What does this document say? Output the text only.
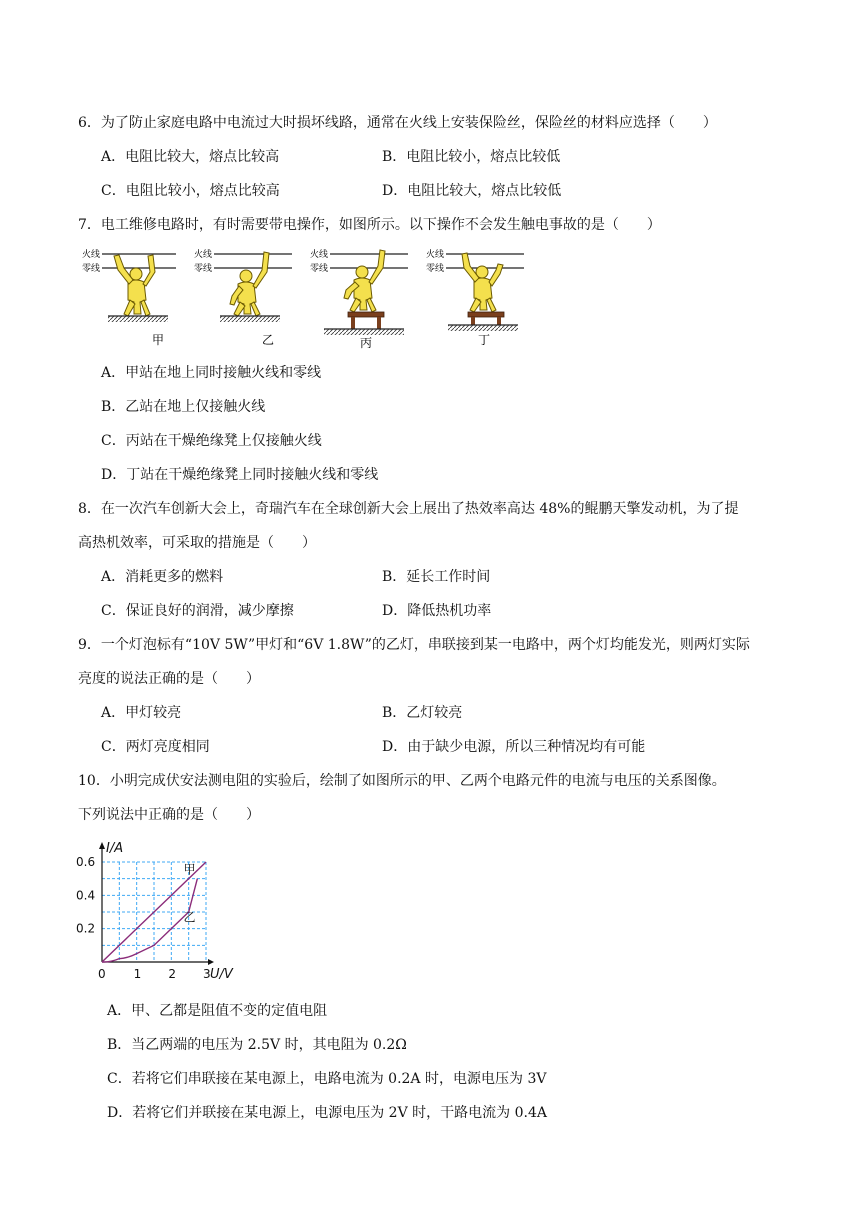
6．为了防止家庭电路中电流过大时损坏线路，通常在火线上安装保险丝，保险丝的材料应选择（　　）
A．电阻比较大，熔点比较高	B．电阻比较小，熔点比较低
C．电阻比较小，熔点比较高	D．电阻比较大，熔点比较低
7．电工维修电路时，有时需要带电操作，如图所示。以下操作不会发生触电事故的是（　　）
火线
零线
火线
零线
火线
零线
火线
零线
甲	乙	丙	丁
A．甲站在地上同时接触火线和零线
B．乙站在地上仅接触火线
C．丙站在干燥绝缘凳上仅接触火线
D．丁站在干燥绝缘凳上同时接触火线和零线
8．在一次汽车创新大会上，奇瑞汽车在全球创新大会上展出了热效率高达 48%的鲲鹏天擎发动机，为了提
高热机效率，可采取的措施是（　　）
A．消耗更多的燃料	B．延长工作时间
C．保证良好的润滑，减少摩擦	D．降低热机功率
9．一个灯泡标有“10V 5W”甲灯和“6V 1.8W”的乙灯，串联接到某一电路中，两个灯均能发光，则两灯实际
亮度的说法正确的是（　　）
A．甲灯较亮	B．乙灯较亮
C．两灯亮度相同	D．由于缺少电源，所以三种情况均有可能
10．小明完成伏安法测电阻的实验后，绘制了如图所示的甲、乙两个电路元件的电流与电压的关系图像。
下列说法中正确的是（　　）
0 1 2 3
0.2
0.4
0.6
I/A
U/V
甲
乙
A．甲、乙都是阻值不变的定值电阻
B．当乙两端的电压为 2.5V 时，其电阻为 0.2Ω
C．若将它们串联接在某电源上，电路电流为 0.2A 时，电源电压为 3V
D．若将它们并联接在某电源上，电源电压为 2V 时，干路电流为 0.4A
